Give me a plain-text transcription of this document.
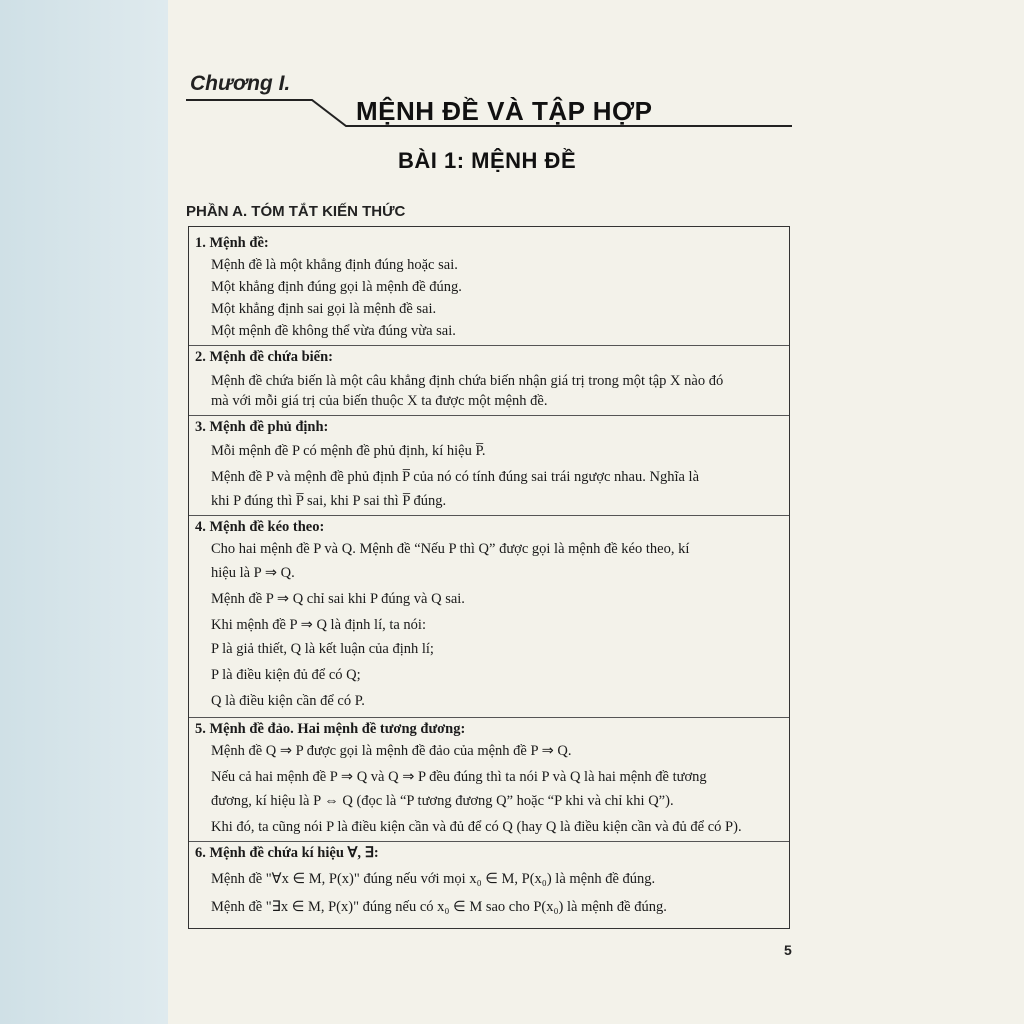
Chương I.
MỆNH ĐỀ VÀ TẬP HỢP
BÀI 1: MỆNH ĐỀ
PHẦN A. TÓM TẮT KIẾN THỨC
1. Mệnh đề:
Mệnh đề là một khẳng định đúng hoặc sai.
Một khẳng định đúng gọi là mệnh đề đúng.
Một khẳng định sai gọi là mệnh đề sai.
Một mệnh đề không thể vừa đúng vừa sai.
2. Mệnh đề chứa biến:
Mệnh đề chứa biến là một câu khẳng định chứa biến nhận giá trị trong một tập X nào đó
mà với mỗi giá trị của biến thuộc X ta được một mệnh đề.
3. Mệnh đề phủ định:
Mỗi mệnh đề P có mệnh đề phủ định, kí hiệu P̅.
Mệnh đề P và mệnh đề phủ định P̅ của nó có tính đúng sai trái ngược nhau. Nghĩa là
khi P đúng thì P̅ sai, khi P sai thì P̅ đúng.
4. Mệnh đề kéo theo:
Cho hai mệnh đề P và Q. Mệnh đề “Nếu P thì Q” được gọi là mệnh đề kéo theo, kí
hiệu là P ⇒ Q.
Mệnh đề P ⇒ Q chỉ sai khi P đúng và Q sai.
Khi mệnh đề P ⇒ Q là định lí, ta nói:
P là giả thiết, Q là kết luận của định lí;
P là điều kiện đủ để có Q;
Q là điều kiện cần để có P.
5. Mệnh đề đảo. Hai mệnh đề tương đương:
Mệnh đề Q ⇒ P được gọi là mệnh đề đảo của mệnh đề P ⇒ Q.
Nếu cả hai mệnh đề P ⇒ Q và Q ⇒ P đều đúng thì ta nói P và Q là hai mệnh đề tương
đương, kí hiệu là P ⇔ Q (đọc là “P tương đương Q” hoặc “P khi và chỉ khi Q”).
Khi đó, ta cũng nói P là điều kiện cần và đủ để có Q (hay Q là điều kiện cần và đủ để có P).
6. Mệnh đề chứa kí hiệu ∀, ∃:
Mệnh đề "∀x ∈ M, P(x)" đúng nếu với mọi x₀ ∈ M, P(x₀) là mệnh đề đúng.
Mệnh đề "∃x ∈ M, P(x)" đúng nếu có x₀ ∈ M sao cho P(x₀) là mệnh đề đúng.
5
